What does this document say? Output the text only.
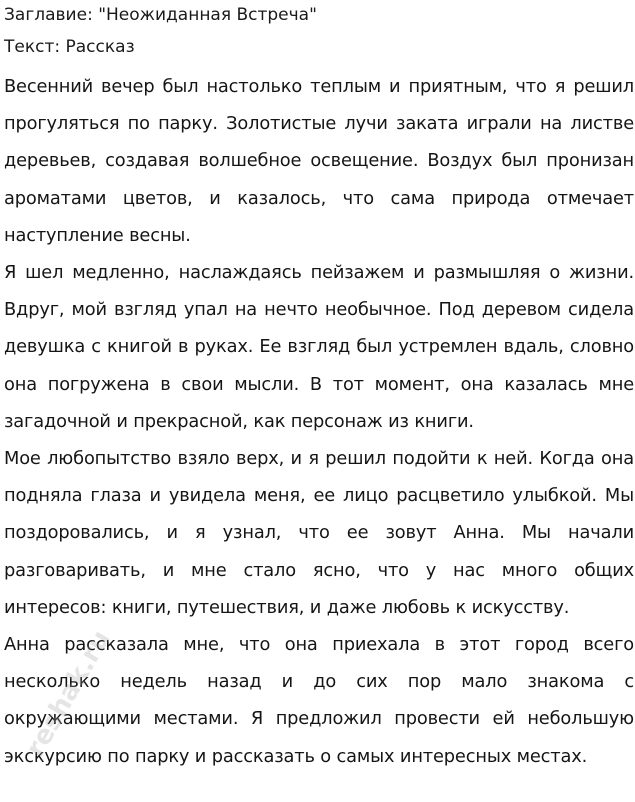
Заглавие : "Неожиданная Встреча"
Текст : Рассказ

Весенний вечер был настолько теплым и приятным, что я решил прогуляться по парку. Золотистые лучи заката играли на листве деревьев, создавая волшебное освещение. Воздух был пронизан ароматами цветов, и казалось, что сама природа отмечает наступление весны.

Я шел медленно, наслаждаясь пейзажем и размышляя о жизни. Вдруг, мой взгляд упал на нечто необычное. Под деревом сидела девушка с книгой в руках. Ее взгляд был устремлен вдаль, словно она погружена в свои мысли. В тот момент, она казалась мне загадочной и прекрасной, как персонаж из книги.

Мое любопытство взяло верх, и я решил подойти к ней. Когда она подняла глаза и увидела меня, ее лицо расцветило улыбкой. Мы поздоровались, и я узнал, что ее зовут Анна. Мы начали разговаривать, и мне стало ясно, что у нас много общих интересов: книги, путешествия, и даже любовь к искусству.

Анна рассказала мне, что она приехала в этот город всего несколько недель назад и до сих пор мало знакома с окружающими местами. Я предложил провести ей небольшую экскурсию по парку и рассказать о самых интересных местах.

reshak.ru
